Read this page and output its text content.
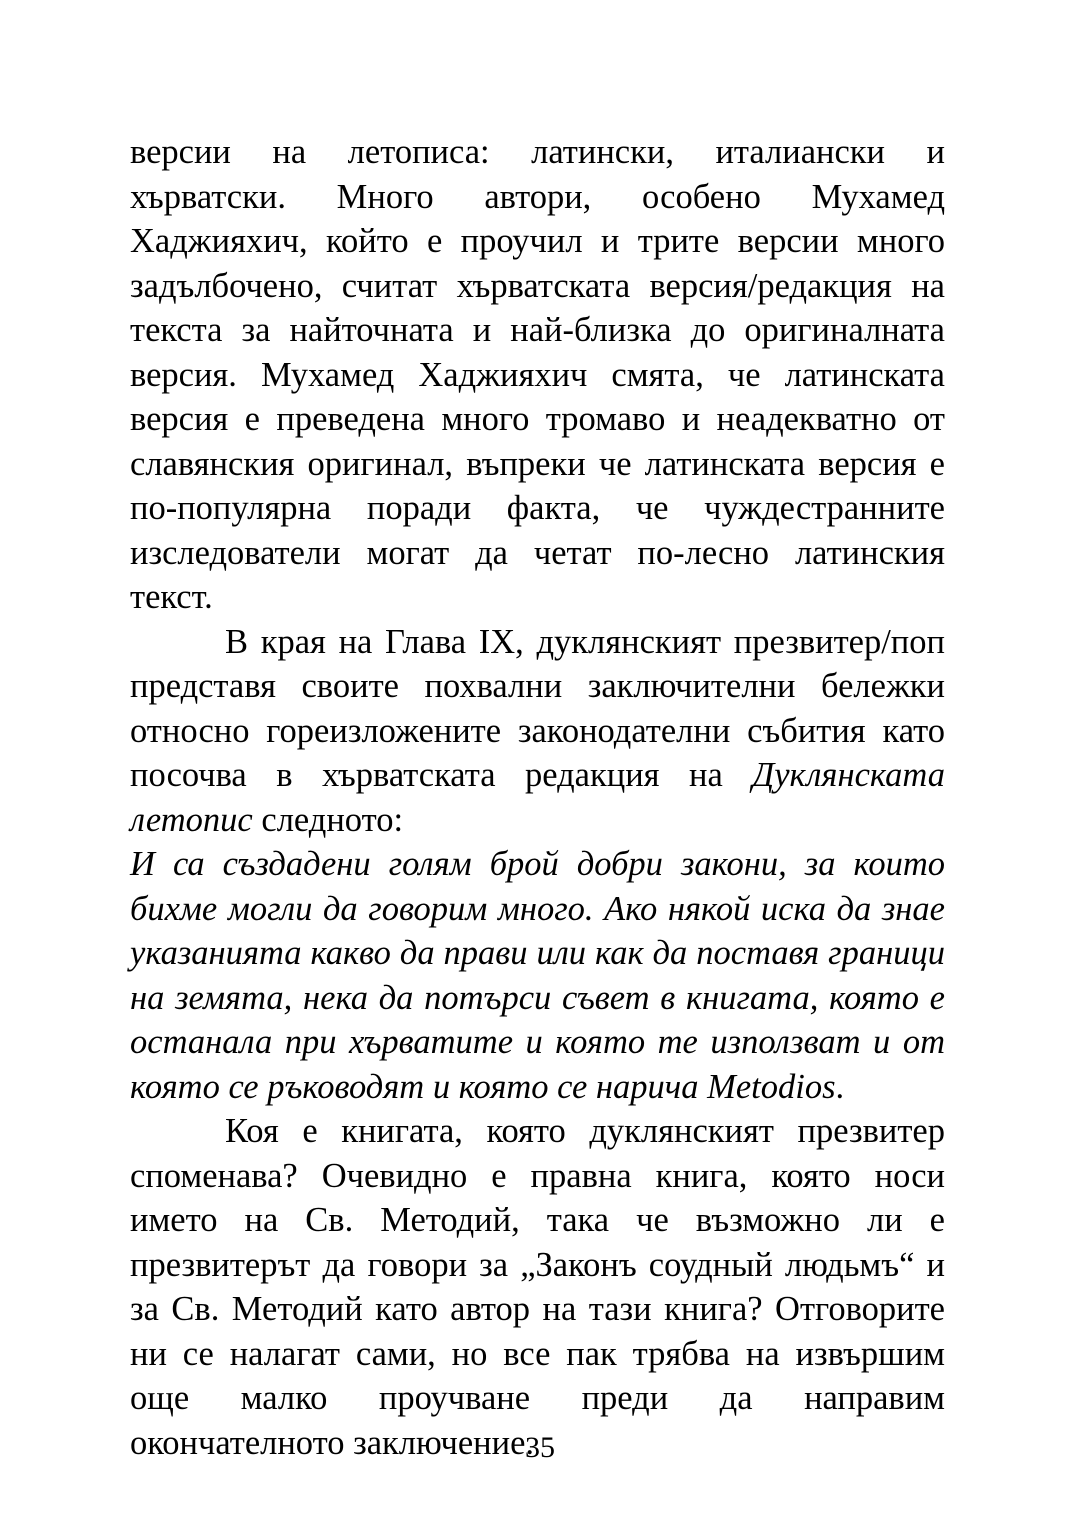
версии на летописа: латински, италиански и хърватски. Много автори, особено Мухамед Хаджияхич, който е проучил и трите версии много задълбочено, считат хърватската версия/редакция на текста за найточната и най-близка до оригиналната версия. Мухамед Хаджияхич смята, че латинската версия е преведена много тромаво и неадекватно от славянския оригинал, въпреки че латинската версия е по-популярна поради факта, че чуждестранните изследователи могат да четат по-лесно латинския текст.

В края на Глава IX, дуклянският презвитер/поп представя своите похвални заключителни бележки относно гореизложените законодателни събития като посочва в хърватската редакция на Дуклянската летопис следното:

И са създадени голям брой добри закони, за които бихме могли да говорим много. Ако някой иска да знае указанията какво да прави или как да поставя граници на земята, нека да потърси съвет в книгата, която е останала при хърватите и която те използват и от която се ръководят и която се нарича Metodios.

Коя е книгата, която дуклянският презвитер споменава? Очевидно е правна книга, която носи името на Св. Методий, така че възможно ли е презвитерът да говори за „Законъ соудный людьмъ“ и за Св. Методий като автор на тази книга? Отговорите ни се налагат сами, но все пак трябва на извършим още малко проучване преди да направим окончателното заключение.

35
